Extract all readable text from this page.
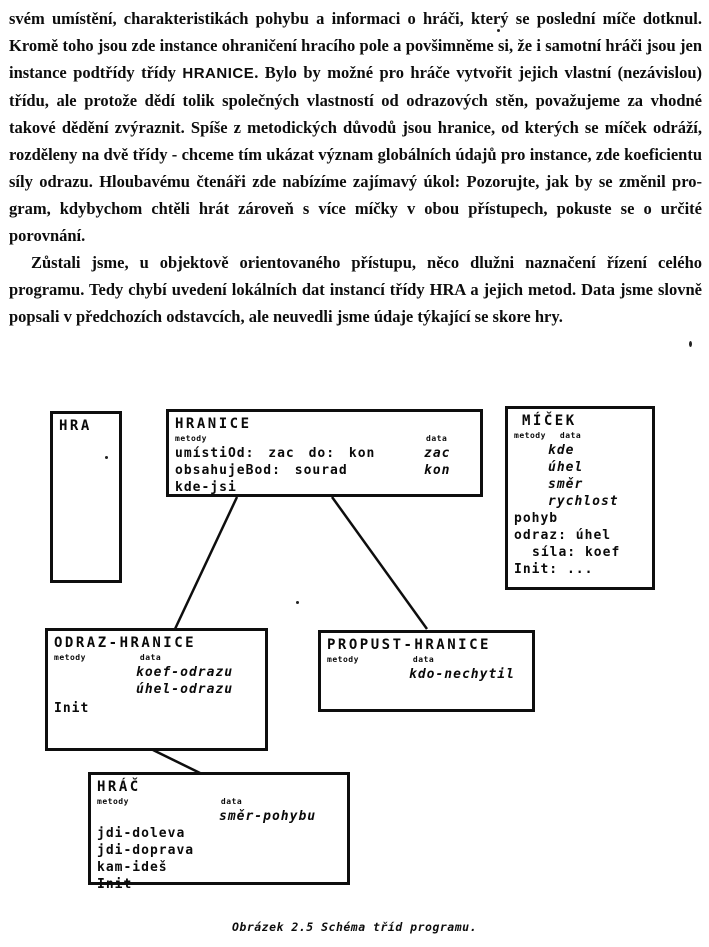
svém umístění, charakteristikách pohybu a informaci o hráči, který se poslední míče dotknul. Kromě toho jsou zde instance ohraničení hracího pole a povšimněme si, že i samotní hráči jsou jen instance podtřídy třídy HRANICE. Bylo by možné pro hráče vytvořit jejich vlastní (nezávislou) třídu, ale protože dědí tolik společných vlastností od odrazových stěn, považujeme za vhodné takové dědění zvýraznit. Spíše z metodických důvodů jsou hranice, od kterých se míček odráží, rozděleny na dvě třídy - chceme tím ukázat význam globálních údajů pro instance, zde koeficientu síly odrazu. Hloubavému čtenáři zde nabízíme zajímavý úkol: Pozorujte, jak by se změnil pro-gram, kdybychom chtěli hrát zároveň s více míčky v obou přístupech, pokuste se o určité porovnání.

Zůstali jsme, u objektově orientovaného přístupu, něco dlužni naznačení řízení celého programu. Tedy chybí uvedení lokálních dat instancí třídy HRA a jejich metod. Data jsme slovně popsali v předchozích odstavcích, ale neuvedli jsme údaje týkající se skore hry.

HRA	HRANICE
metody	data
umístiOd: zac do: kon	zac
obsahujeBod: sourad	kon
kde-jsi
MÍČEK
metody data
kde
úhel
směr
rychlost
pohyb
odraz: úhel
síla: koef
Init: ...
ODRAZ-HRANICE
metody	data
koef-odrazu
úhel-odrazu
Init
PROPUST-HRANICE
metody	data
kdo-nechytil
HRÁČ
metody	data
směr-pohybu
jdi-doleva
jdi-doprava
kam-ideš
Init
Obrázek 2.5 Schéma tříd programu.
